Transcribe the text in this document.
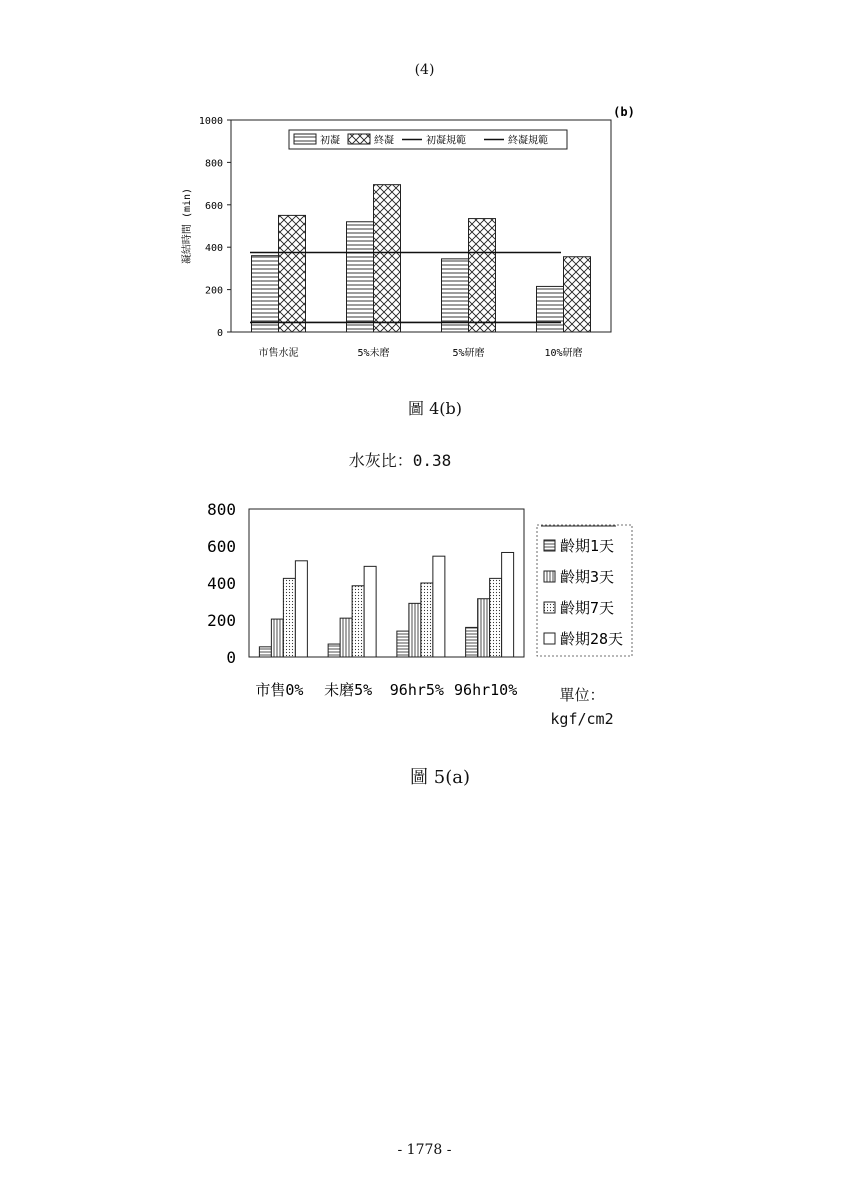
(4)
圖 4(b)
水灰比：0.38
圖 5(a)
- 1778 -
單位：
kgf/cm2
(b)
0
200
400
600
800
1000
凝結時間 (min)
市售水泥	5%未磨	5%研磨	10%研磨
初凝	終凝	初凝規範	終凝規範
0
200
400
600
800
市售0% 未磨5% 96hr5% 96hr10%
齡期1天
齡期3天
齡期7天
齡期28天
